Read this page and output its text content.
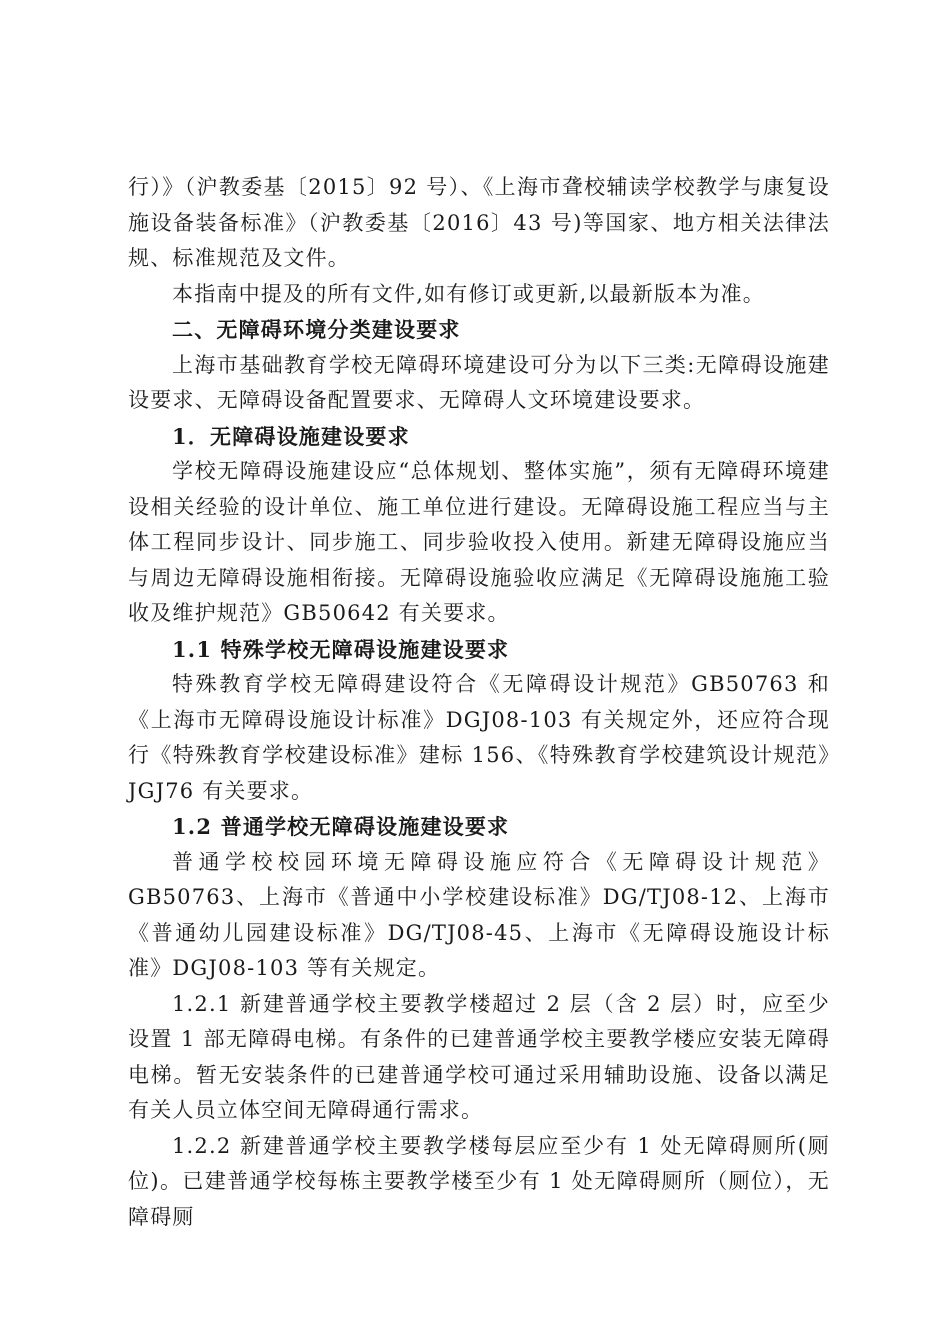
行）》（沪教委基〔2015〕92 号）、《上海市聋校辅读学校教学与康复设施设备装备标准》（沪教委基〔2016〕43 号)等国家、地方相关法律法规、标准规范及文件。

本指南中提及的所有文件,如有修订或更新,以最新版本为准。

二、无障碍环境分类建设要求

上海市基础教育学校无障碍环境建设可分为以下三类:无障碍设施建设要求、无障碍设备配置要求、无障碍人文环境建设要求。

1．无障碍设施建设要求

学校无障碍设施建设应“总体规划、整体实施”，须有无障碍环境建设相关经验的设计单位、施工单位进行建设。无障碍设施工程应当与主体工程同步设计、同步施工、同步验收投入使用。新建无障碍设施应当与周边无障碍设施相衔接。无障碍设施验收应满足《无障碍设施施工验收及维护规范》GB50642 有关要求。

1.1 特殊学校无障碍设施建设要求

特殊教育学校无障碍建设符合《无障碍设计规范》GB50763 和《上海市无障碍设施设计标准》DGJ08-103 有关规定外，还应符合现行《特殊教育学校建设标准》建标 156、《特殊教育学校建筑设计规范》JGJ76 有关要求。

1.2 普通学校无障碍设施建设要求

普通学校校园环境无障碍设施应符合《无障碍设计规范》GB50763、上海市《普通中小学校建设标准》DG/TJ08-12、上海市《普通幼儿园建设标准》DG/TJ08-45、上海市《无障碍设施设计标准》DGJ08-103 等有关规定。

1.2.1 新建普通学校主要教学楼超过 2 层（含 2 层）时，应至少设置 1 部无障碍电梯。有条件的已建普通学校主要教学楼应安装无障碍电梯。暂无安装条件的已建普通学校可通过采用辅助设施、设备以满足有关人员立体空间无障碍通行需求。

1.2.2 新建普通学校主要教学楼每层应至少有 1 处无障碍厕所(厕位)。已建普通学校每栋主要教学楼至少有 1 处无障碍厕所（厕位），无障碍厕
